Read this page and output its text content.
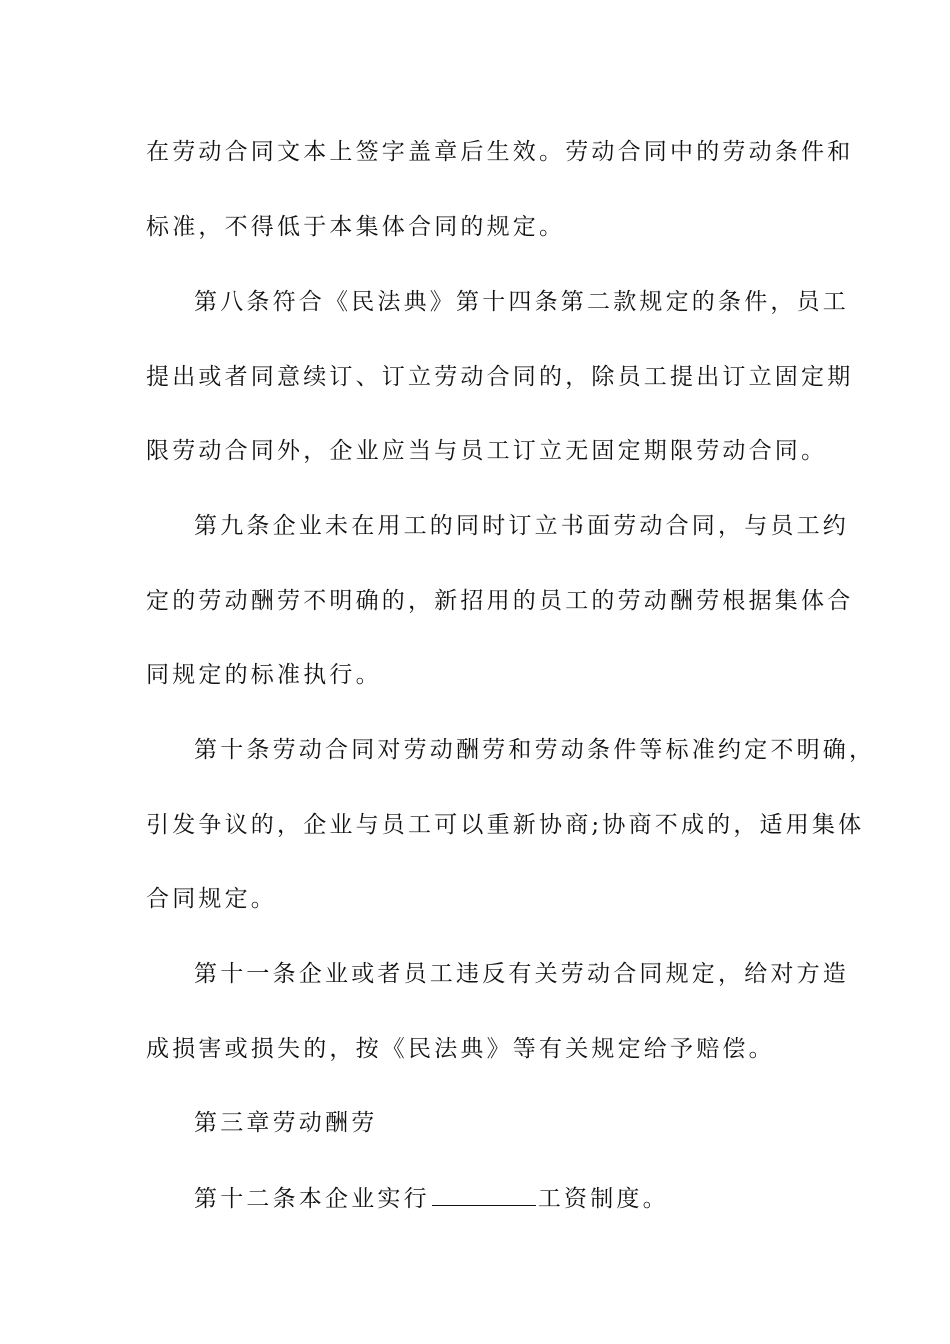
在劳动合同文本上签字盖章后生效。劳动合同中的劳动条件和
标准，不得低于本集体合同的规定。
第八条符合《民法典》第十四条第二款规定的条件，员工
提出或者同意续订、订立劳动合同的，除员工提出订立固定期
限劳动合同外，企业应当与员工订立无固定期限劳动合同。
第九条企业未在用工的同时订立书面劳动合同，与员工约
定的劳动酬劳不明确的，新招用的员工的劳动酬劳根据集体合
同规定的标准执行。
第十条劳动合同对劳动酬劳和劳动条件等标准约定不明确，
引发争议的，企业与员工可以重新协商;协商不成的，适用集体
合同规定。
第十一条企业或者员工违反有关劳动合同规定，给对方造
成损害或损失的，按《民法典》等有关规定给予赔偿。
第三章劳动酬劳
第十二条本企业实行	工资制度。
